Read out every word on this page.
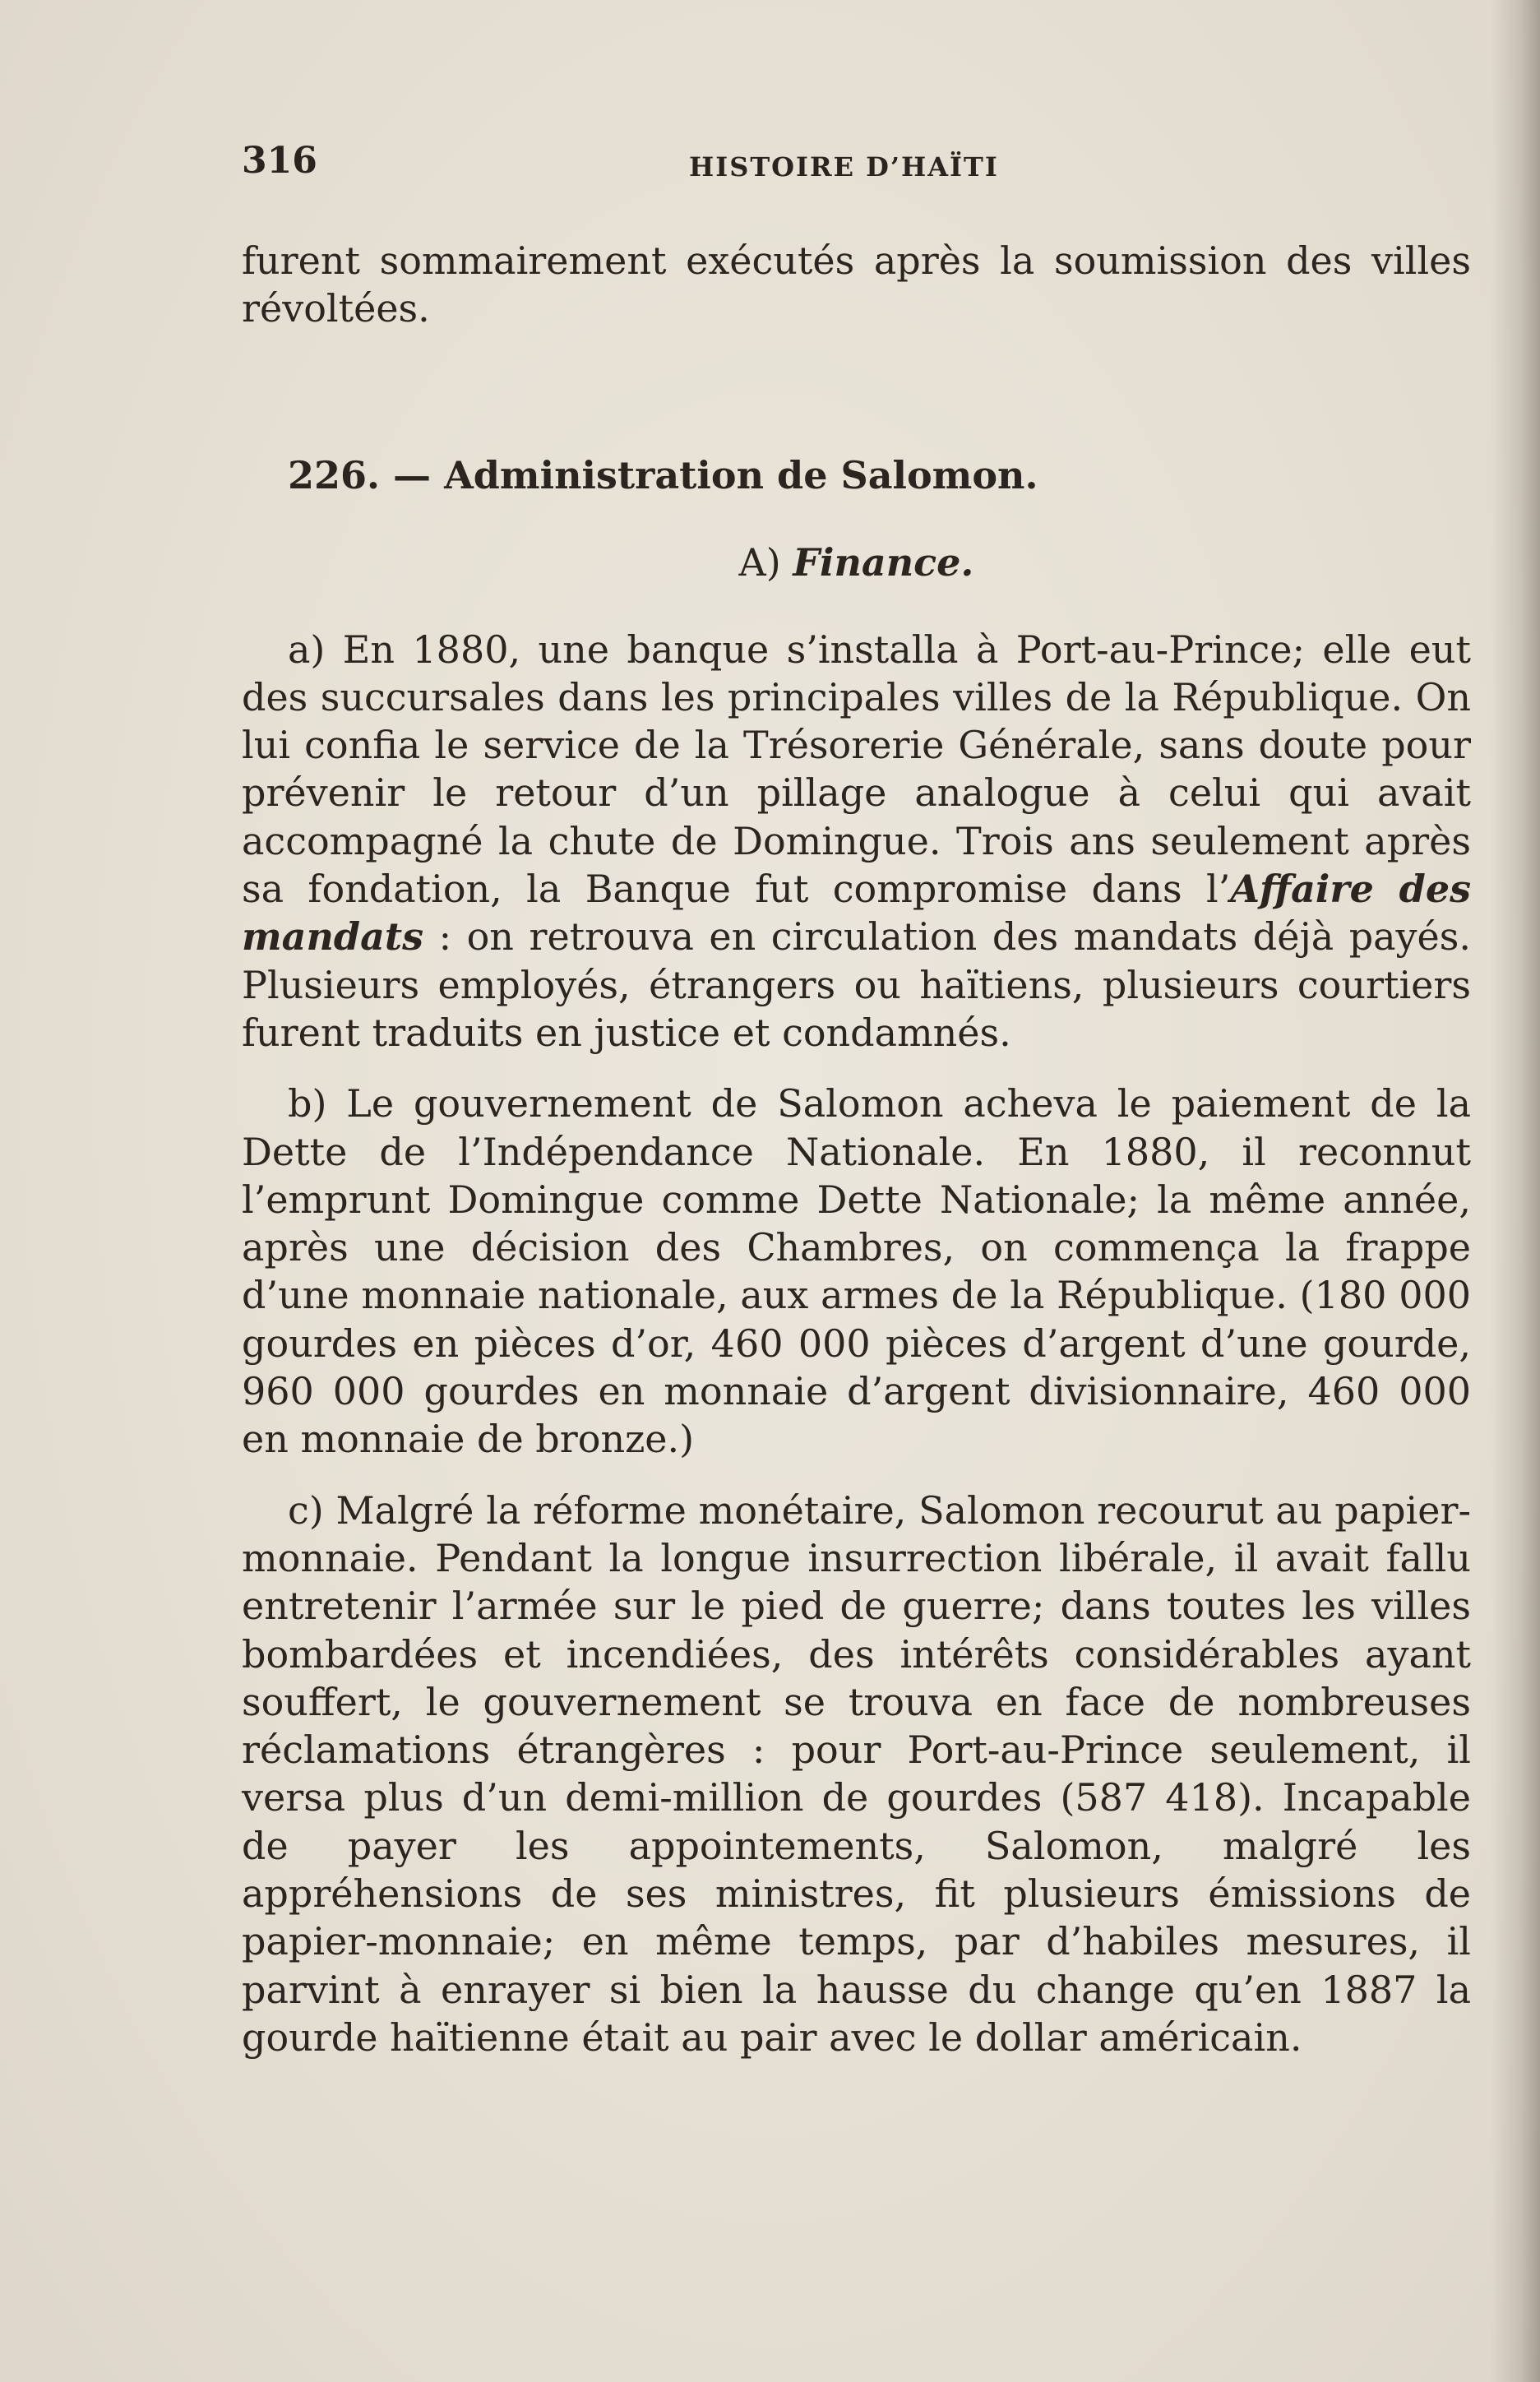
316	HISTOIRE D’HAÏTI

furent sommairement exécutés après la soumission des villes révoltées.

226. — Administration de Salomon.
A) Finance.

a) En 1880, une banque s’installa à Port-au-Prince; elle eut des succursales dans les principales villes de la République. On lui confia le service de la Trésorerie Générale, sans doute pour prévenir le retour d’un pillage analogue à celui qui avait accompagné la chute de Domingue. Trois ans seulement après sa fondation, la Banque fut compromise dans l’Affaire des mandats : on retrouva en circulation des mandats déjà payés. Plusieurs employés, étrangers ou haïtiens, plusieurs courtiers furent traduits en justice et condamnés.

b) Le gouvernement de Salomon acheva le paiement de la Dette de l’Indépendance Nationale. En 1880, il reconnut l’emprunt Domingue comme Dette Nationale; la même année, après une décision des Chambres, on commença la frappe d’une monnaie nationale, aux armes de la République. (180 000 gourdes en pièces d’or, 460 000 pièces d’argent d’une gourde, 960 000 gourdes en monnaie d’argent divisionnaire, 460 000 en monnaie de bronze.)

c) Malgré la réforme monétaire, Salomon recourut au papier-monnaie. Pendant la longue insurrection libérale, il avait fallu entretenir l’armée sur le pied de guerre; dans toutes les villes bombardées et incendiées, des intérêts considérables ayant souffert, le gouvernement se trouva en face de nombreuses réclamations étrangères : pour Port-au-Prince seulement, il versa plus d’un demi-million de gourdes (587 418). Incapable de payer les appointements, Salomon, malgré les appréhensions de ses ministres, fit plusieurs émissions de papier-monnaie; en même temps, par d’habiles mesures, il parvint à enrayer si bien la hausse du change qu’en 1887 la gourde haïtienne était au pair avec le dollar américain.
